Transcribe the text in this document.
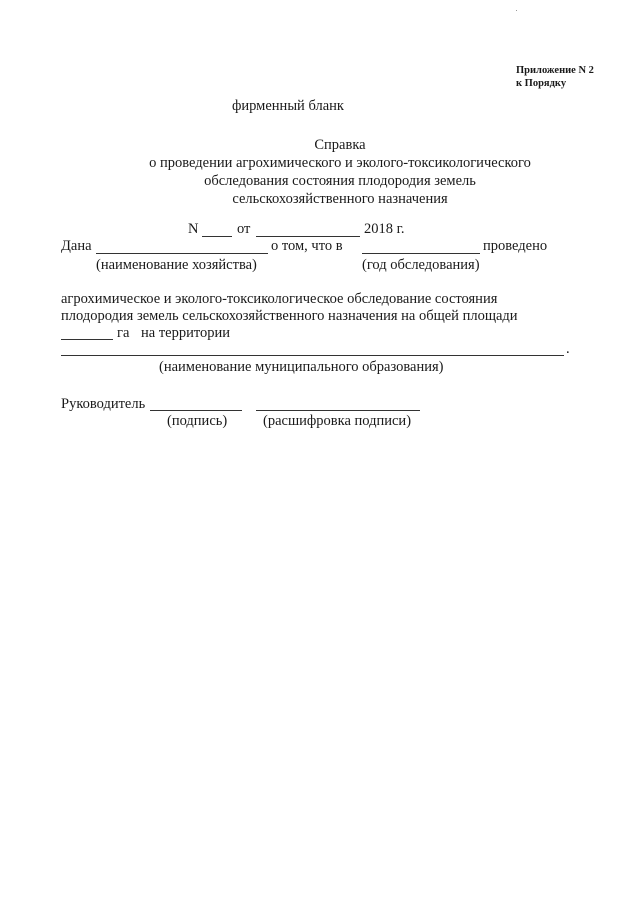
Приложение N 2
к Порядку
фирменный бланк
Справка
о проведении агрохимического и эколого-токсикологического
обследования состояния плодородия земель
сельскохозяйственного назначения
N	от	2018 г.
Дана	о том, что в	проведено
(наименование хозяйства)	(год обследования)
агрохимическое и эколого-токсикологическое обследование состояния
плодородия земель сельскохозяйственного назначения на общей площади
га на территории
.
(наименование муниципального образования)
Руководитель
(подпись) (расшифровка подписи)
